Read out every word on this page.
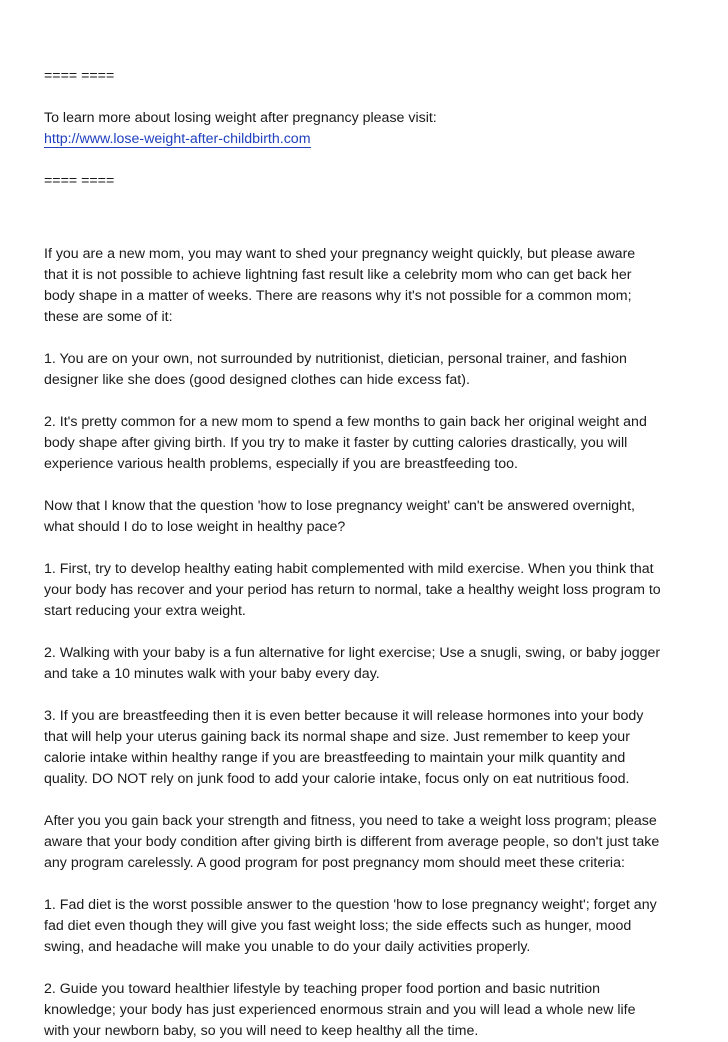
==== ====
To learn more about losing weight after pregnancy please visit:
http://www.lose-weight-after-childbirth.com
==== ====
If you are a new mom, you may want to shed your pregnancy weight quickly, but please aware
that it is not possible to achieve lightning fast result like a celebrity mom who can get back her
body shape in a matter of weeks. There are reasons why it's not possible for a common mom;
these are some of it:
1. You are on your own, not surrounded by nutritionist, dietician, personal trainer, and fashion
designer like she does (good designed clothes can hide excess fat).
2. It's pretty common for a new mom to spend a few months to gain back her original weight and
body shape after giving birth. If you try to make it faster by cutting calories drastically, you will
experience various health problems, especially if you are breastfeeding too.
Now that I know that the question 'how to lose pregnancy weight' can't be answered overnight,
what should I do to lose weight in healthy pace?
1. First, try to develop healthy eating habit complemented with mild exercise. When you think that
your body has recover and your period has return to normal, take a healthy weight loss program to
start reducing your extra weight.
2. Walking with your baby is a fun alternative for light exercise; Use a snugli, swing, or baby jogger
and take a 10 minutes walk with your baby every day.
3. If you are breastfeeding then it is even better because it will release hormones into your body
that will help your uterus gaining back its normal shape and size. Just remember to keep your
calorie intake within healthy range if you are breastfeeding to maintain your milk quantity and
quality. DO NOT rely on junk food to add your calorie intake, focus only on eat nutritious food.
After you you gain back your strength and fitness, you need to take a weight loss program; please
aware that your body condition after giving birth is different from average people, so don't just take
any program carelessly. A good program for post pregnancy mom should meet these criteria:
1. Fad diet is the worst possible answer to the question 'how to lose pregnancy weight'; forget any
fad diet even though they will give you fast weight loss; the side effects such as hunger, mood
swing, and headache will make you unable to do your daily activities properly.
2. Guide you toward healthier lifestyle by teaching proper food portion and basic nutrition
knowledge; your body has just experienced enormous strain and you will lead a whole new life
with your newborn baby, so you will need to keep healthy all the time.
